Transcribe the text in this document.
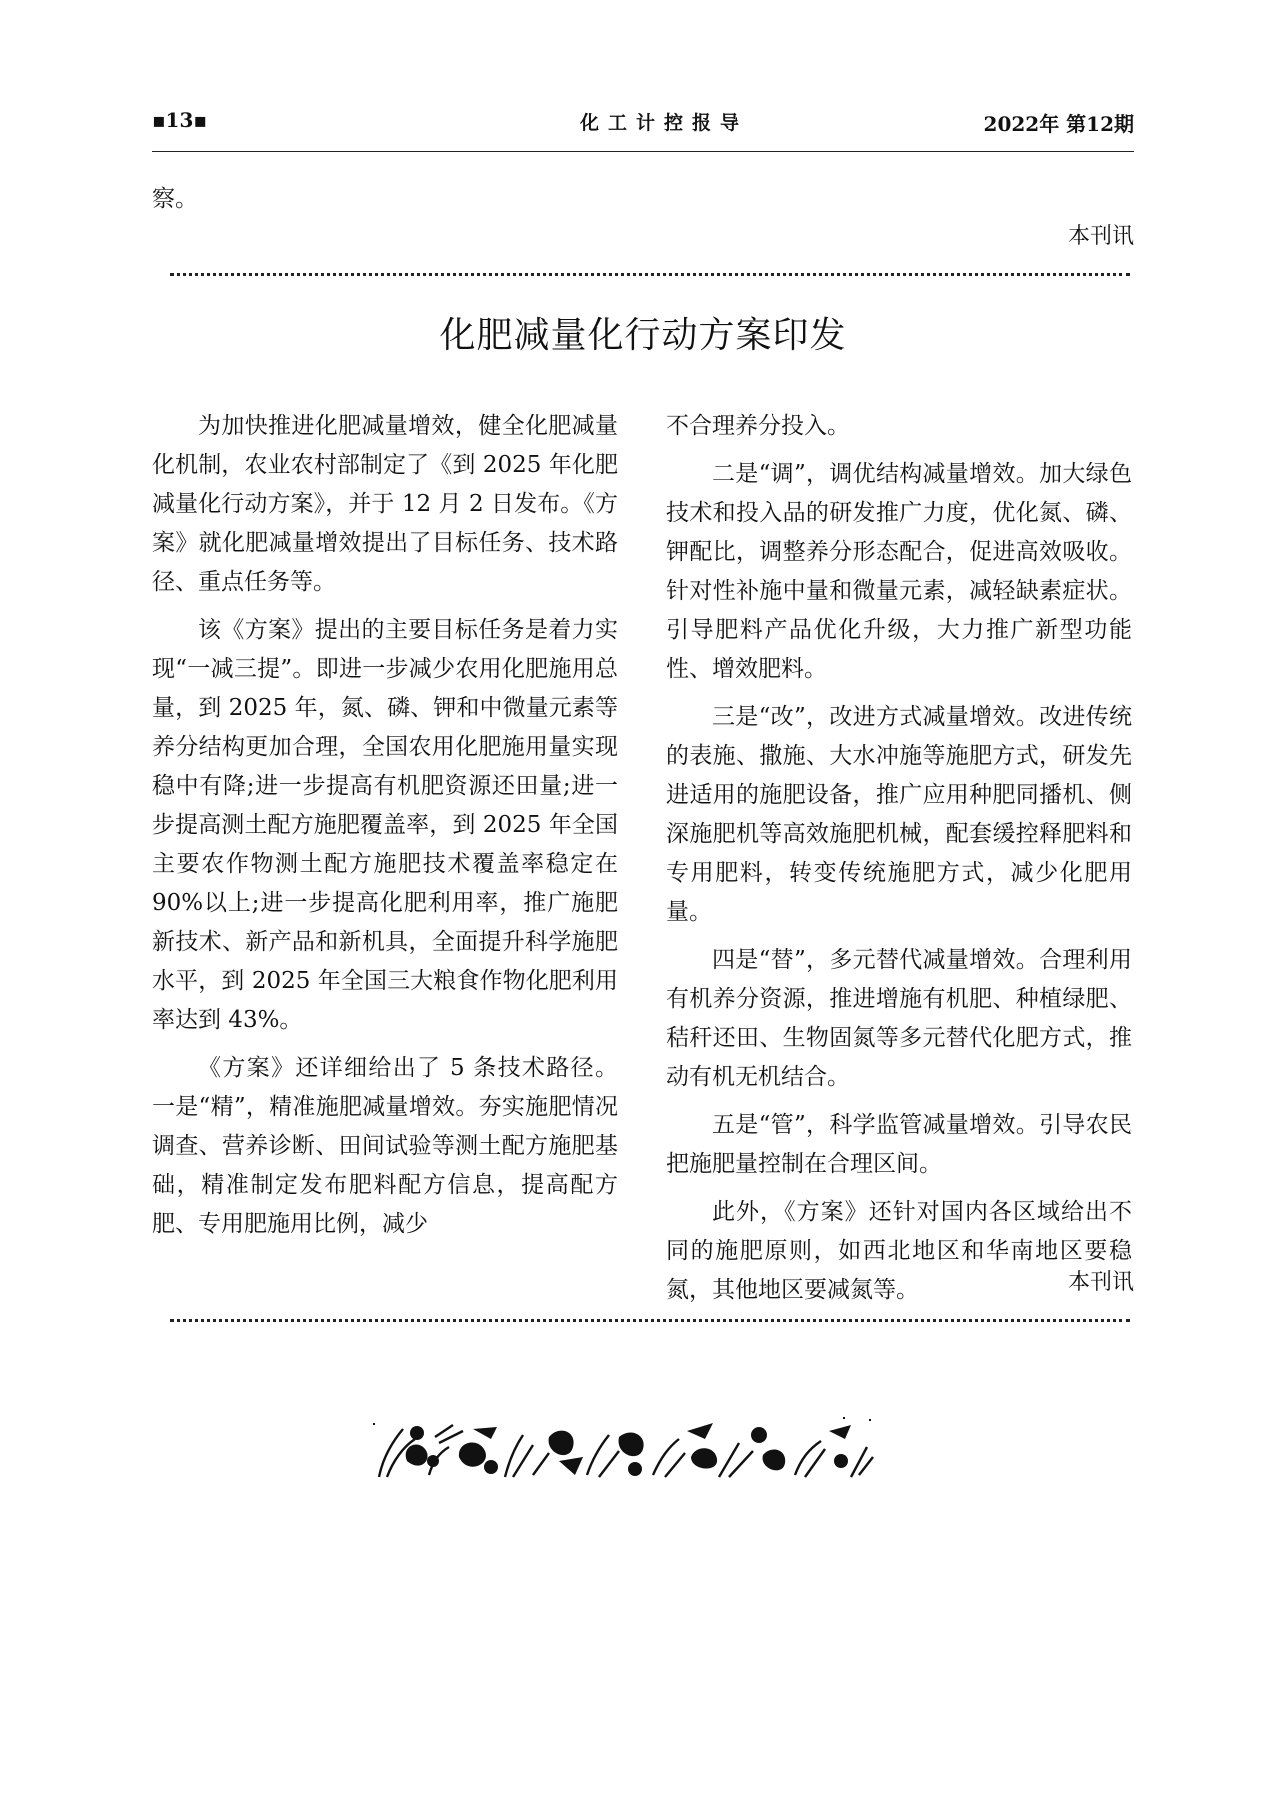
▪13▪	化工计控报导	2022年 第12期

察。

本刊讯
化肥减量化行动方案印发

为加快推进化肥减量增效，健全化肥减量化机制，农业农村部制定了《到 2025 年化肥减量化行动方案》，并于 12 月 2 日发布。《方案》就化肥减量增效提出了目标任务、技术路径、重点任务等。

该《方案》提出的主要目标任务是着力实现“一减三提”。即进一步减少农用化肥施用总量，到 2025 年，氮、磷、钾和中微量元素等养分结构更加合理，全国农用化肥施用量实现稳中有降;进一步提高有机肥资源还田量;进一步提高测土配方施肥覆盖率，到 2025 年全国主要农作物测土配方施肥技术覆盖率稳定在 90%以上;进一步提高化肥利用率，推广施肥新技术、新产品和新机具，全面提升科学施肥水平，到 2025 年全国三大粮食作物化肥利用率达到 43%。

《方案》还详细给出了 5 条技术路径。一是“精”，精准施肥减量增效。夯实施肥情况调查、营养诊断、田间试验等测土配方施肥基础，精准制定发布肥料配方信息，提高配方肥、专用肥施用比例，减少

不合理养分投入。

二是“调”，调优结构减量增效。加大绿色技术和投入品的研发推广力度，优化氮、磷、钾配比，调整养分形态配合，促进高效吸收。针对性补施中量和微量元素，减轻缺素症状。引导肥料产品优化升级，大力推广新型功能性、增效肥料。

三是“改”，改进方式减量增效。改进传统的表施、撒施、大水冲施等施肥方式，研发先进适用的施肥设备，推广应用种肥同播机、侧深施肥机等高效施肥机械，配套缓控释肥料和专用肥料，转变传统施肥方式，减少化肥用量。

四是“替”，多元替代减量增效。合理利用有机养分资源，推进增施有机肥、种植绿肥、秸秆还田、生物固氮等多元替代化肥方式，推动有机无机结合。

五是“管”，科学监管减量增效。引导农民把施肥量控制在合理区间。

此外，《方案》还针对国内各区域给出不同的施肥原则，如西北地区和华南地区要稳氮，其他地区要减氮等。	本刊讯
